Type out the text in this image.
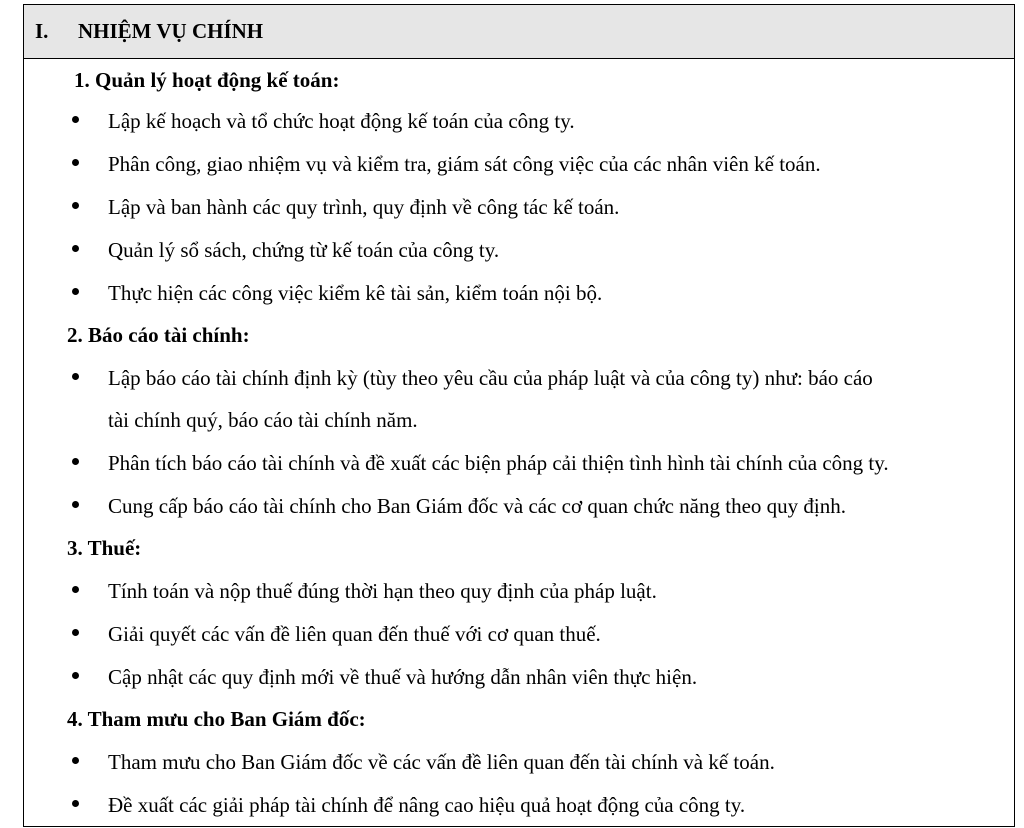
I.	NHIỆM VỤ CHÍNH
1. Quản lý hoạt động kế toán:
Lập kế hoạch và tổ chức hoạt động kế toán của công ty.
Phân công, giao nhiệm vụ và kiểm tra, giám sát công việc của các nhân viên kế toán.
Lập và ban hành các quy trình, quy định về công tác kế toán.
Quản lý sổ sách, chứng từ kế toán của công ty.
Thực hiện các công việc kiểm kê tài sản, kiểm toán nội bộ.
2. Báo cáo tài chính:
Lập báo cáo tài chính định kỳ (tùy theo yêu cầu của pháp luật và của công ty) như: báo cáo
tài chính quý, báo cáo tài chính năm.
Phân tích báo cáo tài chính và đề xuất các biện pháp cải thiện tình hình tài chính của công ty.
Cung cấp báo cáo tài chính cho Ban Giám đốc và các cơ quan chức năng theo quy định.
3. Thuế:
Tính toán và nộp thuế đúng thời hạn theo quy định của pháp luật.
Giải quyết các vấn đề liên quan đến thuế với cơ quan thuế.
Cập nhật các quy định mới về thuế và hướng dẫn nhân viên thực hiện.
4. Tham mưu cho Ban Giám đốc:
Tham mưu cho Ban Giám đốc về các vấn đề liên quan đến tài chính và kế toán.
Đề xuất các giải pháp tài chính để nâng cao hiệu quả hoạt động của công ty.
